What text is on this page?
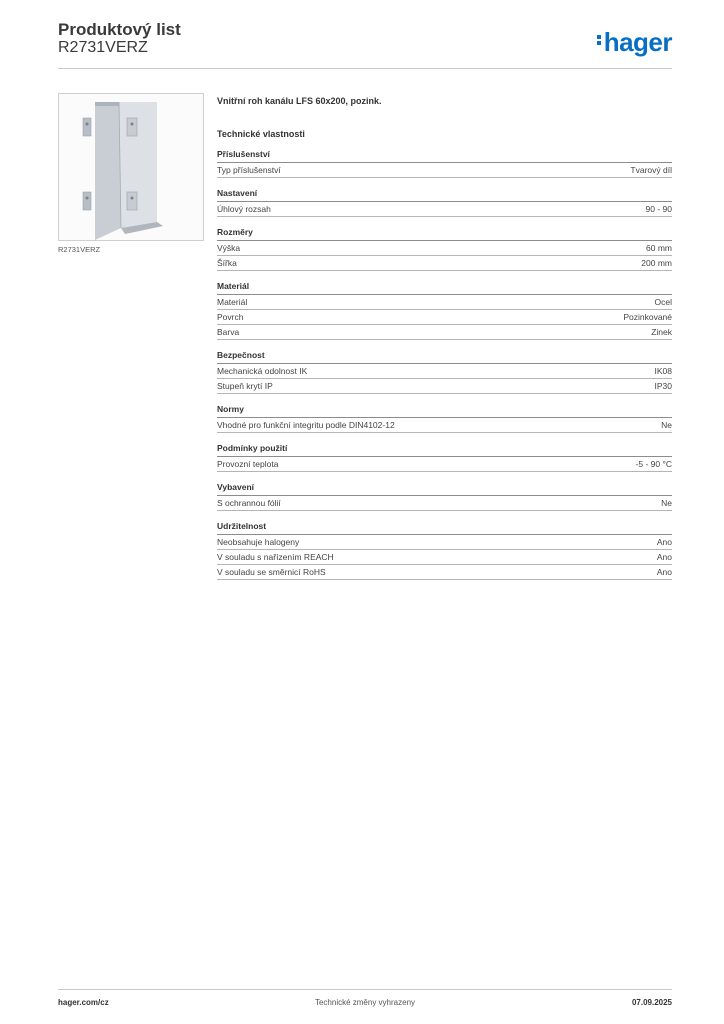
Produktový list
R2731VERZ	hager
R2731VERZ
Vnitřní roh kanálu LFS 60x200, pozink.
Technické vlastnosti
Příslušenství
Typ příslušenství	Tvarový díl
Nastavení
Úhlový rozsah	90 - 90
Rozměry
Výška	60 mm
Šířka	200 mm
Materiál
Materiál	Ocel
Povrch	Pozinkované
Barva	Zinek
Bezpečnost
Mechanická odolnost IK	IK08
Stupeň krytí IP	IP30
Normy
Vhodné pro funkční integritu podle DIN4102-12	Ne
Podmínky použití
Provozní teplota	-5 - 90 °C
Vybavení
S ochrannou fólií	Ne
Udržitelnost
Neobsahuje halogeny	Ano
V souladu s nařízením REACH	Ano
V souladu se směrnicí RoHS	Ano
hager.com/cz	Technické změny vyhrazeny	07.09.2025
